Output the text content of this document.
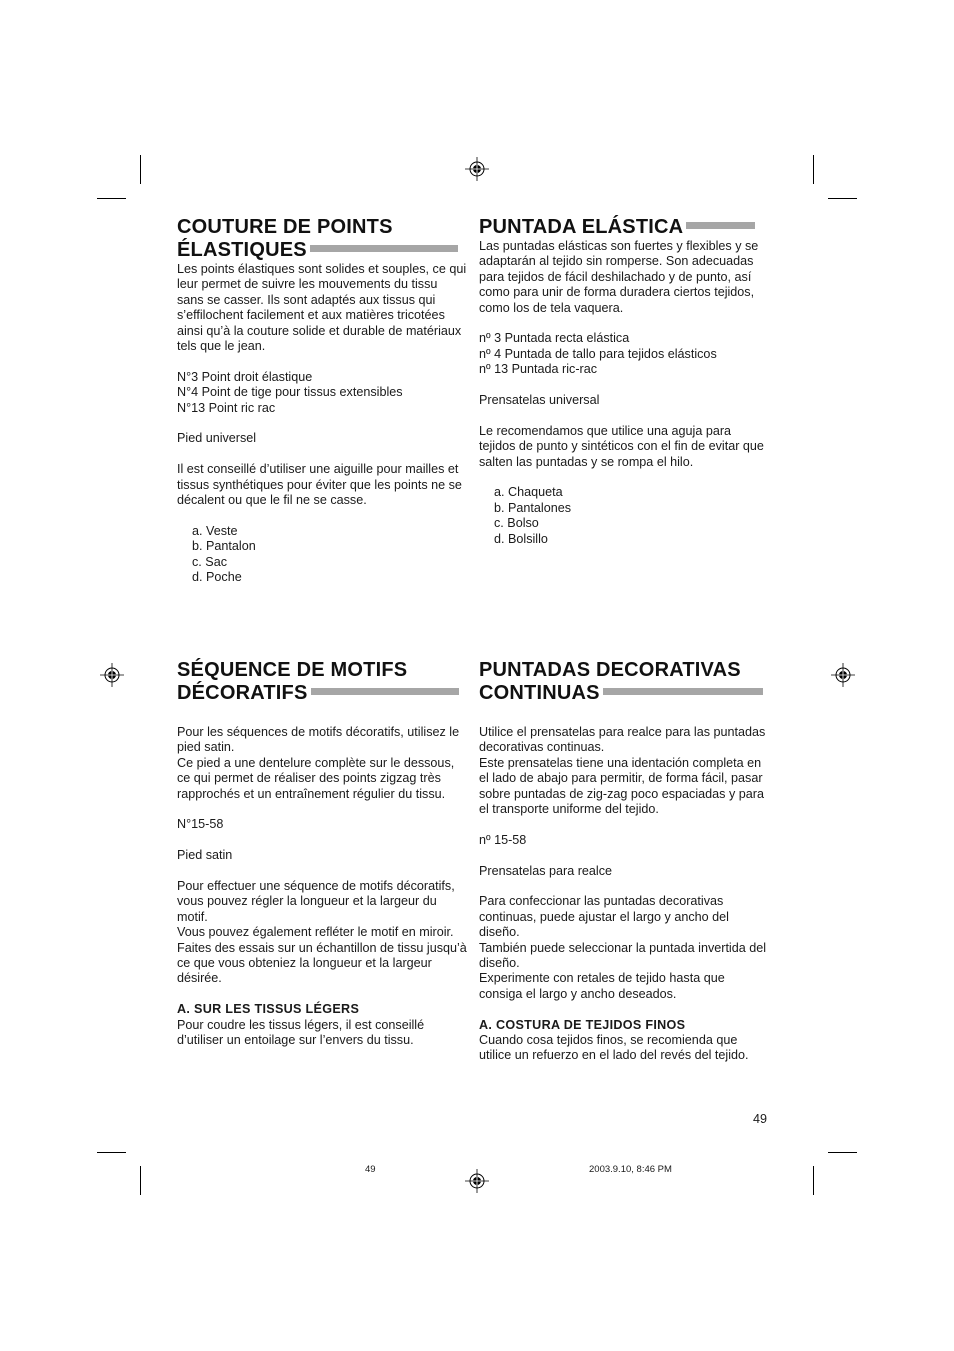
COUTURE DE POINTS
ÉLASTIQUES

Les points élastiques sont solides et souples, ce qui leur permet de suivre les mouvements du tissu sans se casser. Ils sont adaptés aux tissus qui s’effilochent facilement et aux matières tricotées ainsi qu’à la couture solide et durable de matériaux tels que le jean.

N°3 Point droit élastique
N°4 Point de tige pour tissus extensibles
N°13 Point ric rac

Pied universel

Il est conseillé d’utiliser une aiguille pour mailles et tissus synthétiques pour éviter que les points ne se décalent ou que le fil ne se casse.

a. Veste
b. Pantalon
c. Sac
d. Poche
PUNTADA ELÁSTICA

Las puntadas elásticas son fuertes y flexibles y se adaptarán al tejido sin romperse. Son adecuadas para tejidos de fácil deshilachado y de punto, así como para unir de forma duradera ciertos tejidos, como los de tela vaquera.

nº 3 Puntada recta elástica
nº 4 Puntada de tallo para tejidos elásticos
nº 13 Puntada ric-rac

Prensatelas universal

Le recomendamos que utilice una aguja para tejidos de punto y sintéticos con el fin de evitar que salten las puntadas y se rompa el hilo.

a. Chaqueta
b. Pantalones
c. Bolso
d. Bolsillo
SÉQUENCE DE MOTIFS
DÉCORATIFS

Pour les séquences de motifs décoratifs, utilisez le pied satin.
Ce pied a une dentelure complète sur le dessous, ce qui permet de réaliser des points zigzag très rapprochés et un entraînement régulier du tissu.

N°15-58

Pied satin

Pour effectuer une séquence de motifs décoratifs, vous pouvez régler la longueur et la largeur du motif.
Vous pouvez également refléter le motif en miroir.
Faites des essais sur un échantillon de tissu jusqu’à ce que vous obteniez la longueur et la largeur désirée.

A. SUR LES TISSUS LÉGERS

Pour coudre les tissus légers, il est conseillé d’utiliser un entoilage sur l’envers du tissu.

PUNTADAS DECORATIVAS
CONTINUAS

Utilice el prensatelas para realce para las puntadas decorativas continuas.
Este prensatelas tiene una identación completa en el lado de abajo para permitir, de forma fácil, pasar sobre puntadas de zig-zag poco espaciadas y para el transporte uniforme del tejido.

nº 15-58

Prensatelas para realce

Para confeccionar las puntadas decorativas continuas, puede ajustar el largo y ancho del diseño.
También puede seleccionar la puntada invertida del diseño.
Experimente con retales de tejido hasta que consiga el largo y ancho deseados.

A. COSTURA DE TEJIDOS FINOS

Cuando cosa tejidos finos, se recomienda que utilice un refuerzo en el lado del revés del tejido.

49
49	2003.9.10, 8:46 PM
